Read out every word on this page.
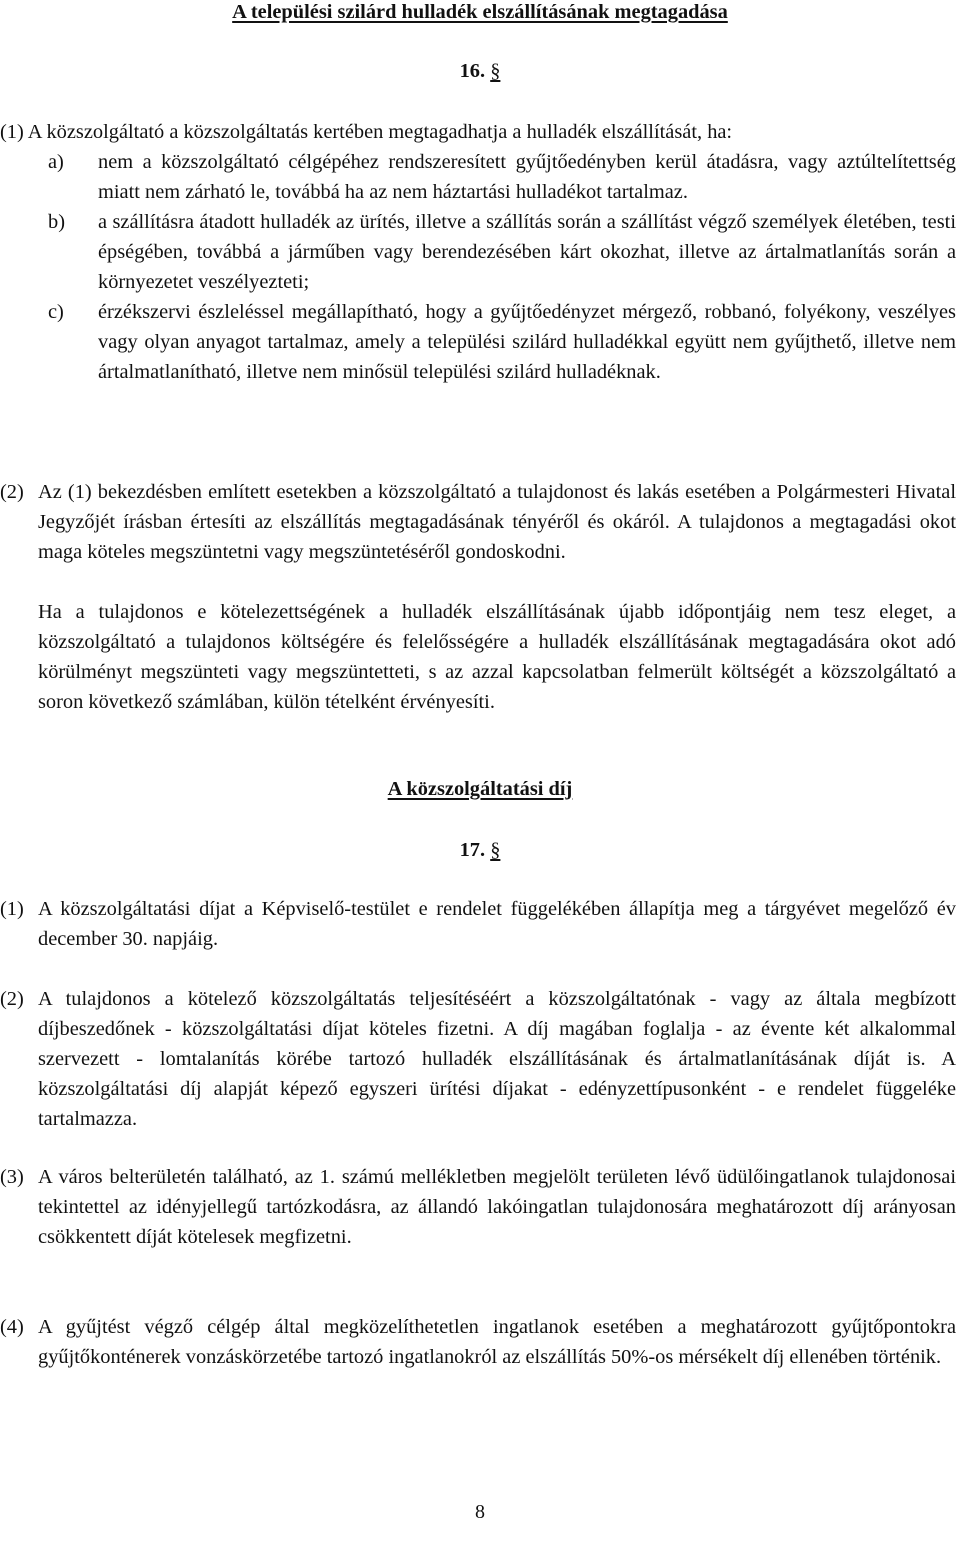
A települési szilárd hulladék elszállításának megtagadása
16. §
(1) A közszolgáltató a közszolgáltatás kertében megtagadhatja a hulladék elszállítását, ha:
a)	nem a közszolgáltató célgépéhez rendszeresített gyűjtőedényben kerül átadásra, vagy aztúltelítettség miatt nem zárható le, továbbá ha az nem háztartási hulladékot tartalmaz.
b)	a szállításra átadott hulladék az ürítés, illetve a szállítás során a szállítást végző személyek életében, testi épségében, továbbá a járműben vagy berendezésében kárt okozhat, illetve az ártalmatlanítás során a környezetet veszélyezteti;
c)	érzékszervi észleléssel megállapítható, hogy a gyűjtőedényzet mérgező, robbanó, folyékony, veszélyes vagy olyan anyagot tartalmaz, amely a települési szilárd hulladékkal együtt nem gyűjthető, illetve nem ártalmatlanítható, illetve nem minősül települési szilárd hulladéknak.
(2) Az (1) bekezdésben említett esetekben a közszolgáltató a tulajdonost és lakás esetében a Polgármesteri Hivatal Jegyzőjét írásban értesíti az elszállítás megtagadásának tényéről és okáról. A tulajdonos a megtagadási okot maga köteles megszüntetni vagy megszüntetéséről gondoskodni.

Ha a tulajdonos e kötelezettségének a hulladék elszállításának újabb időpontjáig nem tesz eleget, a közszolgáltató a tulajdonos költségére és felelősségére a hulladék elszállításának megtagadására okot adó körülményt megszünteti vagy megszüntetteti, s az azzal kapcsolatban felmerült költségét a közszolgáltató a soron következő számlában, külön tételként érvényesíti.

A közszolgáltatási díj
17. §
(1) A közszolgáltatási díjat a Képviselő-testület e rendelet függelékében állapítja meg a tárgyévet megelőző év december 30. napjáig.
(2) A tulajdonos a kötelező közszolgáltatás teljesítéséért a közszolgáltatónak - vagy az általa megbízott díjbeszedőnek - közszolgáltatási díjat köteles fizetni. A díj magában foglalja - az évente két alkalommal szervezett - lomtalanítás körébe tartozó hulladék elszállításának és ártalmatlanításának díját is. A közszolgáltatási díj alapját képező egyszeri ürítési díjakat - edényzettípusonként - e rendelet függeléke tartalmazza.
(3) A város belterületén található, az 1. számú mellékletben megjelölt területen lévő üdülőingatlanok tulajdonosai tekintettel az idényjellegű tartózkodásra, az állandó lakóingatlan tulajdonosára meghatározott díj arányosan csökkentett díját kötelesek megfizetni.
(4) A gyűjtést végző célgép által megközelíthetetlen ingatlanok esetében a meghatározott gyűjtőpontokra gyűjtőkonténerek vonzáskörzetébe tartozó ingatlanokról az elszállítás 50%-os mérsékelt díj ellenében történik.
8
